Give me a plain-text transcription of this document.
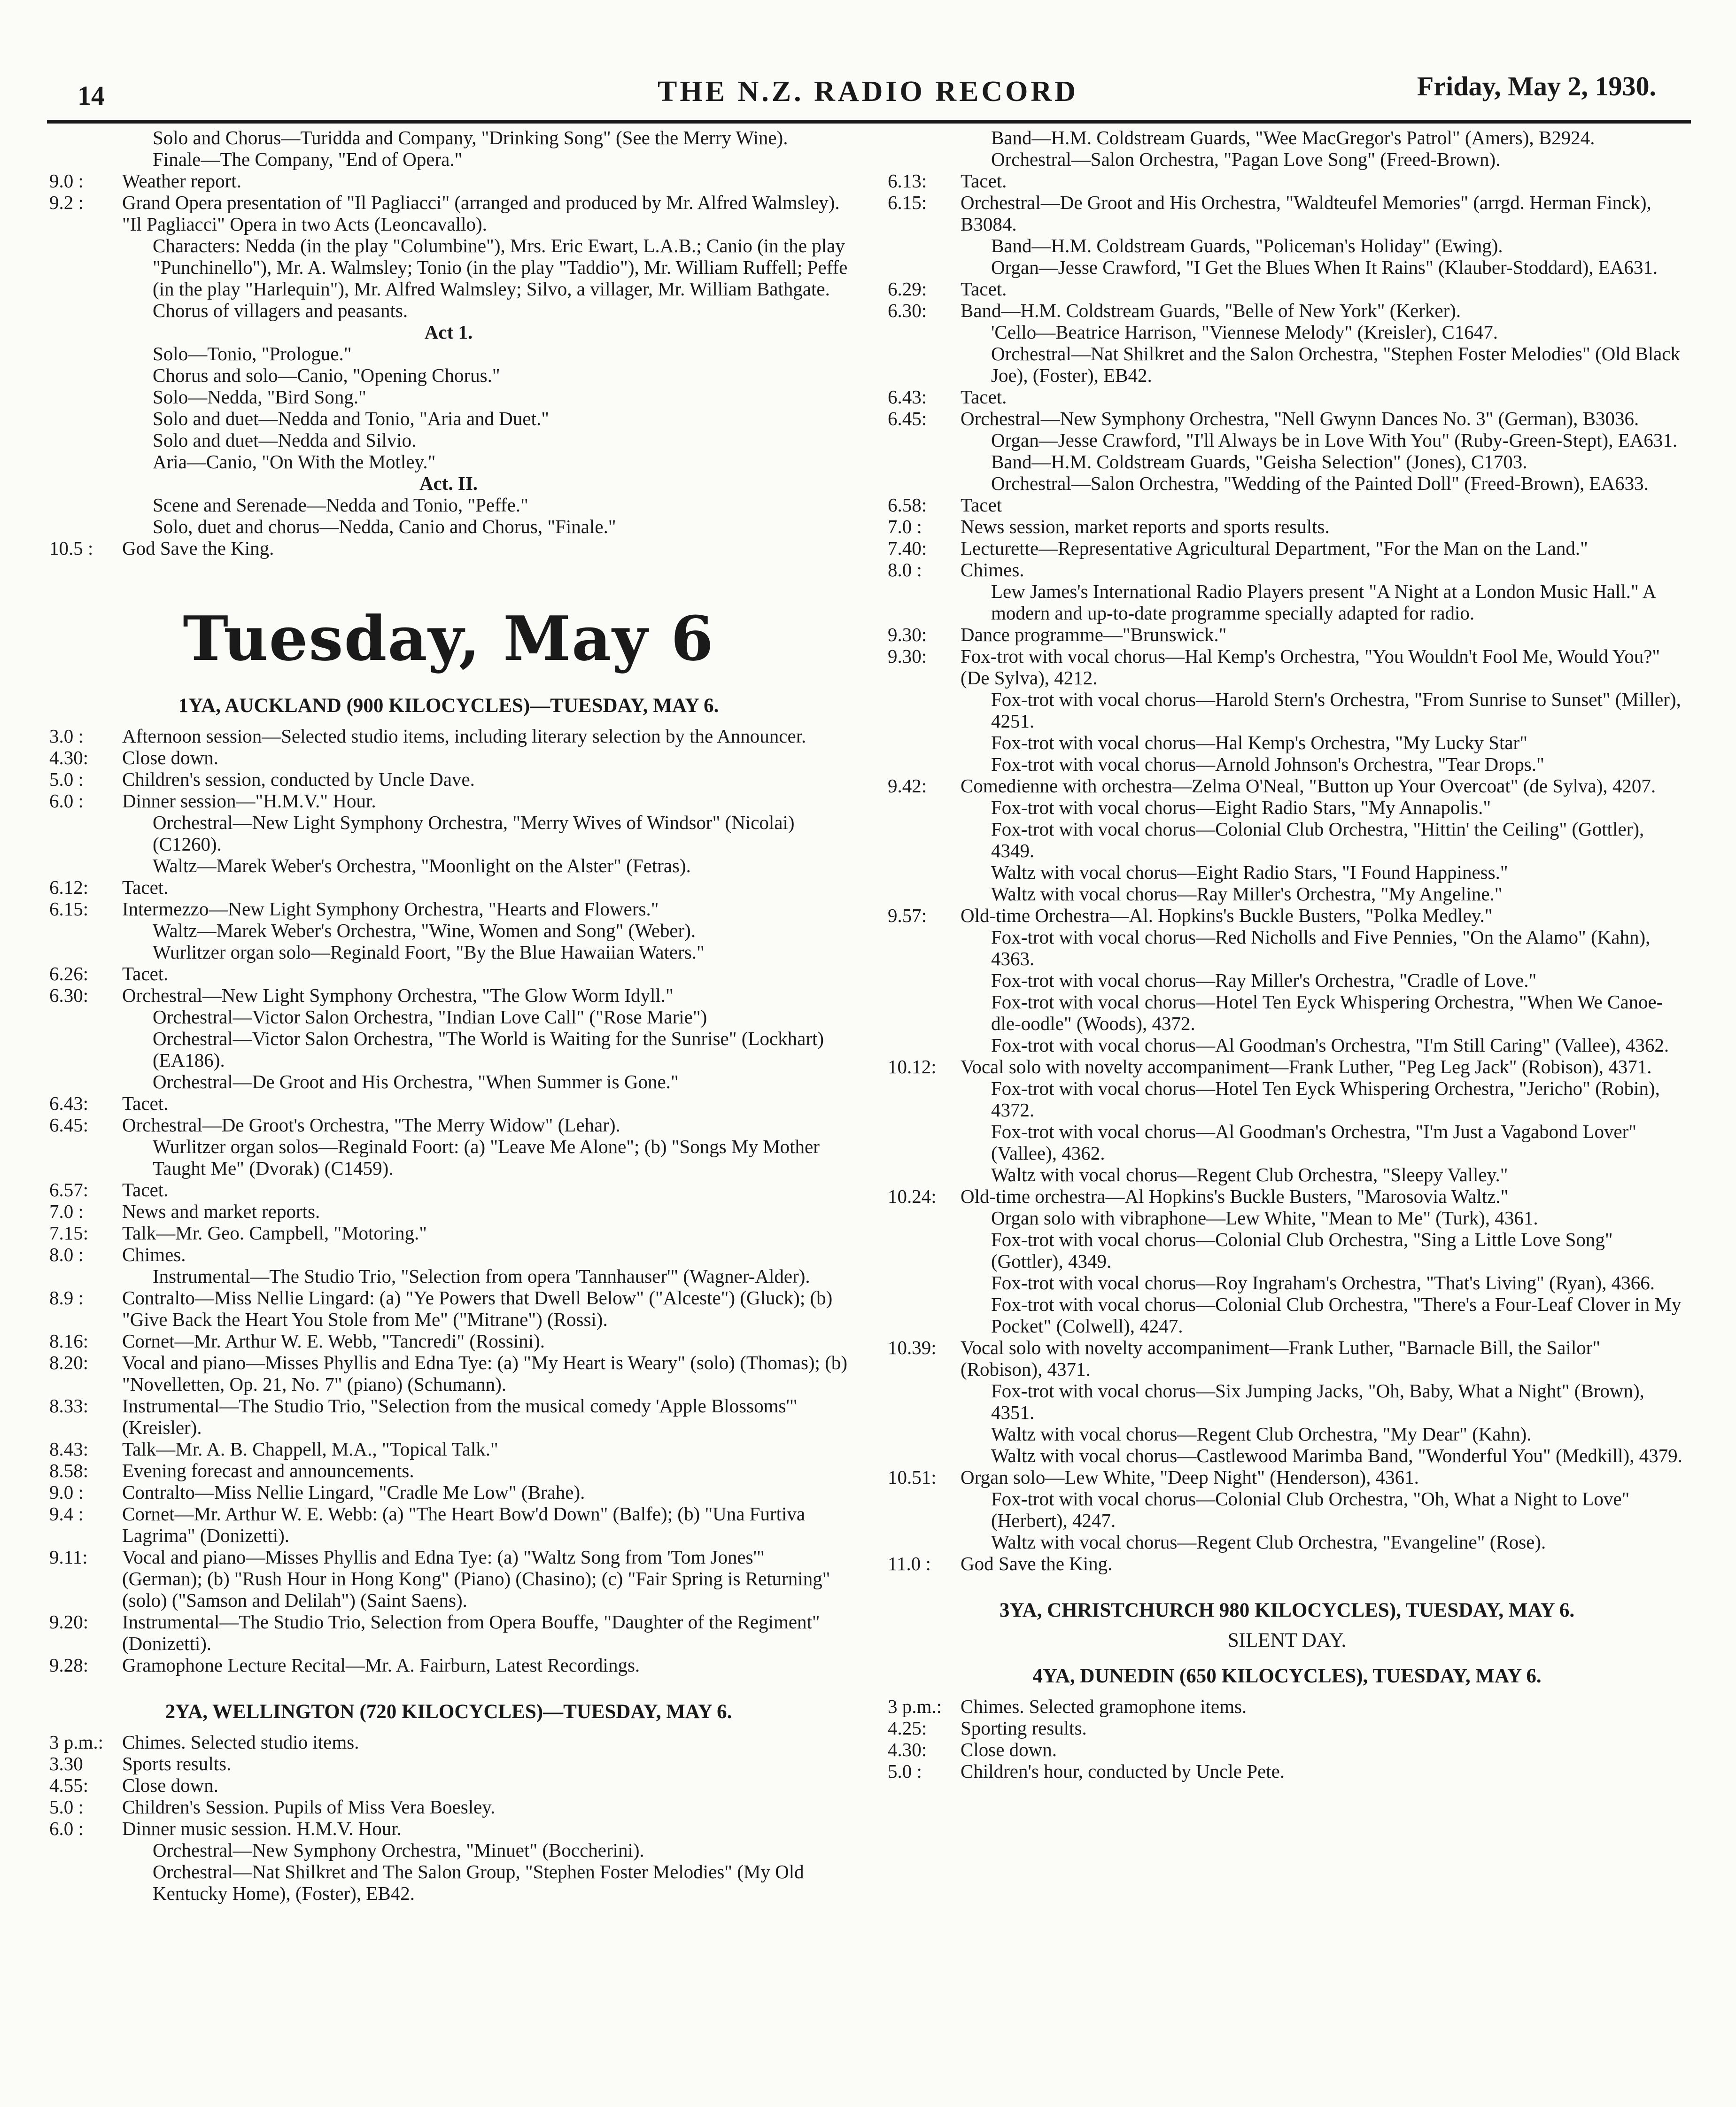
14	THE N.Z. RADIO RECORD	Friday, May 2, 1930.
Solo and Chorus—Turidda and Company, "Drinking Song" (See the Merry Wine).
Finale—The Company, "End of Opera."
9.0 :	Weather report.
9.2 :	Grand Opera presentation of "Il Pagliacci" (arranged and produced by Mr. Alfred Walmsley). "Il Pagliacci" Opera in two Acts (Leoncavallo).
Characters: Nedda (in the play "Columbine"), Mrs. Eric Ewart, L.A.B.; Canio (in the play "Punchinello"), Mr. A. Walmsley; Tonio (in the play "Taddio"), Mr. William Ruffell; Peffe (in the play "Harlequin"), Mr. Alfred Walmsley; Silvo, a villager, Mr. William Bathgate. Chorus of villagers and peasants.
Act 1.
Solo—Tonio, "Prologue."
Chorus and solo—Canio, "Opening Chorus."
Solo—Nedda, "Bird Song."
Solo and duet—Nedda and Tonio, "Aria and Duet."
Solo and duet—Nedda and Silvio.
Aria—Canio, "On With the Motley."
Act. II.
Scene and Serenade—Nedda and Tonio, "Peffe."
Solo, duet and chorus—Nedda, Canio and Chorus, "Finale."
10.5 :	God Save the King.
Tuesday, May 6
1YA, AUCKLAND (900 KILOCYCLES)—TUESDAY, MAY 6.
3.0 :	Afternoon session—Selected studio items, including literary selection by the Announcer.
4.30:	Close down.
5.0 :	Children's session, conducted by Uncle Dave.
6.0 :	Dinner session—"H.M.V." Hour.
Orchestral—New Light Symphony Orchestra, "Merry Wives of Windsor" (Nicolai) (C1260).
Waltz—Marek Weber's Orchestra, "Moonlight on the Alster" (Fetras).
6.12:	Tacet.
6.15:	Intermezzo—New Light Symphony Orchestra, "Hearts and Flowers."
Waltz—Marek Weber's Orchestra, "Wine, Women and Song" (Weber).
Wurlitzer organ solo—Reginald Foort, "By the Blue Hawaiian Waters."
6.26:	Tacet.
6.30:	Orchestral—New Light Symphony Orchestra, "The Glow Worm Idyll."
Orchestral—Victor Salon Orchestra, "Indian Love Call" ("Rose Marie")
Orchestral—Victor Salon Orchestra, "The World is Waiting for the Sunrise" (Lockhart) (EA186).
Orchestral—De Groot and His Orchestra, "When Summer is Gone."
6.43:	Tacet.
6.45:	Orchestral—De Groot's Orchestra, "The Merry Widow" (Lehar).
Wurlitzer organ solos—Reginald Foort: (a) "Leave Me Alone"; (b) "Songs My Mother Taught Me" (Dvorak) (C1459).
6.57:	Tacet.
7.0 :	News and market reports.
7.15:	Talk—Mr. Geo. Campbell, "Motoring."
8.0 :	Chimes.
Instrumental—The Studio Trio, "Selection from opera 'Tannhauser'" (Wagner-Alder).
8.9 :	Contralto—Miss Nellie Lingard: (a) "Ye Powers that Dwell Below" ("Alceste") (Gluck); (b) "Give Back the Heart You Stole from Me" ("Mitrane") (Rossi).
8.16:	Cornet—Mr. Arthur W. E. Webb, "Tancredi" (Rossini).
8.20:	Vocal and piano—Misses Phyllis and Edna Tye: (a) "My Heart is Weary" (solo) (Thomas); (b) "Novelletten, Op. 21, No. 7" (piano) (Schumann).
8.33:	Instrumental—The Studio Trio, "Selection from the musical comedy 'Apple Blossoms'" (Kreisler).
8.43:	Talk—Mr. A. B. Chappell, M.A., "Topical Talk."
8.58:	Evening forecast and announcements.
9.0 :	Contralto—Miss Nellie Lingard, "Cradle Me Low" (Brahe).
9.4 :	Cornet—Mr. Arthur W. E. Webb: (a) "The Heart Bow'd Down" (Balfe); (b) "Una Furtiva Lagrima" (Donizetti).
9.11:	Vocal and piano—Misses Phyllis and Edna Tye: (a) "Waltz Song from 'Tom Jones'" (German); (b) "Rush Hour in Hong Kong" (Piano) (Chasino); (c) "Fair Spring is Returning" (solo) ("Samson and Delilah") (Saint Saens).
9.20:	Instrumental—The Studio Trio, Selection from Opera Bouffe, "Daughter of the Regiment" (Donizetti).
9.28:	Gramophone Lecture Recital—Mr. A. Fairburn, Latest Recordings.
2YA, WELLINGTON (720 KILOCYCLES)—TUESDAY, MAY 6.
3 p.m.: Chimes. Selected studio items.
3.30	Sports results.
4.55:	Close down.
5.0 :	Children's Session. Pupils of Miss Vera Boesley.
6.0 :	Dinner music session. H.M.V. Hour.
Orchestral—New Symphony Orchestra, "Minuet" (Boccherini).
Orchestral—Nat Shilkret and The Salon Group, "Stephen Foster Melodies" (My Old Kentucky Home), (Foster), EB42.
Band—H.M. Coldstream Guards, "Wee MacGregor's Patrol" (Amers), B2924.
Orchestral—Salon Orchestra, "Pagan Love Song" (Freed-Brown).
6.13:	Tacet.
6.15:	Orchestral—De Groot and His Orchestra, "Waldteufel Memories" (arrgd. Herman Finck), B3084.
Band—H.M. Coldstream Guards, "Policeman's Holiday" (Ewing).
Organ—Jesse Crawford, "I Get the Blues When It Rains" (Klauber-Stoddard), EA631.
6.29:	Tacet.
6.30:	Band—H.M. Coldstream Guards, "Belle of New York" (Kerker).
'Cello—Beatrice Harrison, "Viennese Melody" (Kreisler), C1647.
Orchestral—Nat Shilkret and the Salon Orchestra, "Stephen Foster Melodies" (Old Black Joe), (Foster), EB42.
6.43:	Tacet.
6.45:	Orchestral—New Symphony Orchestra, "Nell Gwynn Dances No. 3" (German), B3036.
Organ—Jesse Crawford, "I'll Always be in Love With You" (Ruby-Green-Stept), EA631.
Band—H.M. Coldstream Guards, "Geisha Selection" (Jones), C1703.
Orchestral—Salon Orchestra, "Wedding of the Painted Doll" (Freed-Brown), EA633.
6.58:	Tacet
7.0 :	News session, market reports and sports results.
7.40:	Lecturette—Representative Agricultural Department, "For the Man on the Land."
8.0 :	Chimes.
Lew James's International Radio Players present "A Night at a London Music Hall." A modern and up-to-date programme specially adapted for radio.
9.30:	Dance programme—"Brunswick."
9.30:	Fox-trot with vocal chorus—Hal Kemp's Orchestra, "You Wouldn't Fool Me, Would You?" (De Sylva), 4212.
Fox-trot with vocal chorus—Harold Stern's Orchestra, "From Sunrise to Sunset" (Miller), 4251.
Fox-trot with vocal chorus—Hal Kemp's Orchestra, "My Lucky Star"
Fox-trot with vocal chorus—Arnold Johnson's Orchestra, "Tear Drops."
9.42:	Comedienne with orchestra—Zelma O'Neal, "Button up Your Overcoat" (de Sylva), 4207.
Fox-trot with vocal chorus—Eight Radio Stars, "My Annapolis."
Fox-trot with vocal chorus—Colonial Club Orchestra, "Hittin' the Ceiling" (Gottler), 4349.
Waltz with vocal chorus—Eight Radio Stars, "I Found Happiness."
Waltz with vocal chorus—Ray Miller's Orchestra, "My Angeline."
9.57:	Old-time Orchestra—Al. Hopkins's Buckle Busters, "Polka Medley."
Fox-trot with vocal chorus—Red Nicholls and Five Pennies, "On the Alamo" (Kahn), 4363.
Fox-trot with vocal chorus—Ray Miller's Orchestra, "Cradle of Love."
Fox-trot with vocal chorus—Hotel Ten Eyck Whispering Orchestra, "When We Canoe-dle-oodle" (Woods), 4372.
Fox-trot with vocal chorus—Al Goodman's Orchestra, "I'm Still Caring" (Vallee), 4362.
10.12:	Vocal solo with novelty accompaniment—Frank Luther, "Peg Leg Jack" (Robison), 4371.
Fox-trot with vocal chorus—Hotel Ten Eyck Whispering Orchestra, "Jericho" (Robin), 4372.
Fox-trot with vocal chorus—Al Goodman's Orchestra, "I'm Just a Vagabond Lover" (Vallee), 4362.
Waltz with vocal chorus—Regent Club Orchestra, "Sleepy Valley."
10.24:	Old-time orchestra—Al Hopkins's Buckle Busters, "Marosovia Waltz."
Organ solo with vibraphone—Lew White, "Mean to Me" (Turk), 4361.
Fox-trot with vocal chorus—Colonial Club Orchestra, "Sing a Little Love Song" (Gottler), 4349.
Fox-trot with vocal chorus—Roy Ingraham's Orchestra, "That's Living" (Ryan), 4366.
Fox-trot with vocal chorus—Colonial Club Orchestra, "There's a Four-Leaf Clover in My Pocket" (Colwell), 4247.
10.39:	Vocal solo with novelty accompaniment—Frank Luther, "Barnacle Bill, the Sailor" (Robison), 4371.
Fox-trot with vocal chorus—Six Jumping Jacks, "Oh, Baby, What a Night" (Brown), 4351.
Waltz with vocal chorus—Regent Club Orchestra, "My Dear" (Kahn).
Waltz with vocal chorus—Castlewood Marimba Band, "Wonderful You" (Medkill), 4379.
10.51:	Organ solo—Lew White, "Deep Night" (Henderson), 4361.
Fox-trot with vocal chorus—Colonial Club Orchestra, "Oh, What a Night to Love" (Herbert), 4247.
Waltz with vocal chorus—Regent Club Orchestra, "Evangeline" (Rose).
11.0 :	God Save the King.
3YA, CHRISTCHURCH 980 KILOCYCLES), TUESDAY, MAY 6.
SILENT DAY.
4YA, DUNEDIN (650 KILOCYCLES), TUESDAY, MAY 6.
3 p.m.: Chimes. Selected gramophone items.
4.25:	Sporting results.
4.30:	Close down.
5.0 :	Children's hour, conducted by Uncle Pete.
